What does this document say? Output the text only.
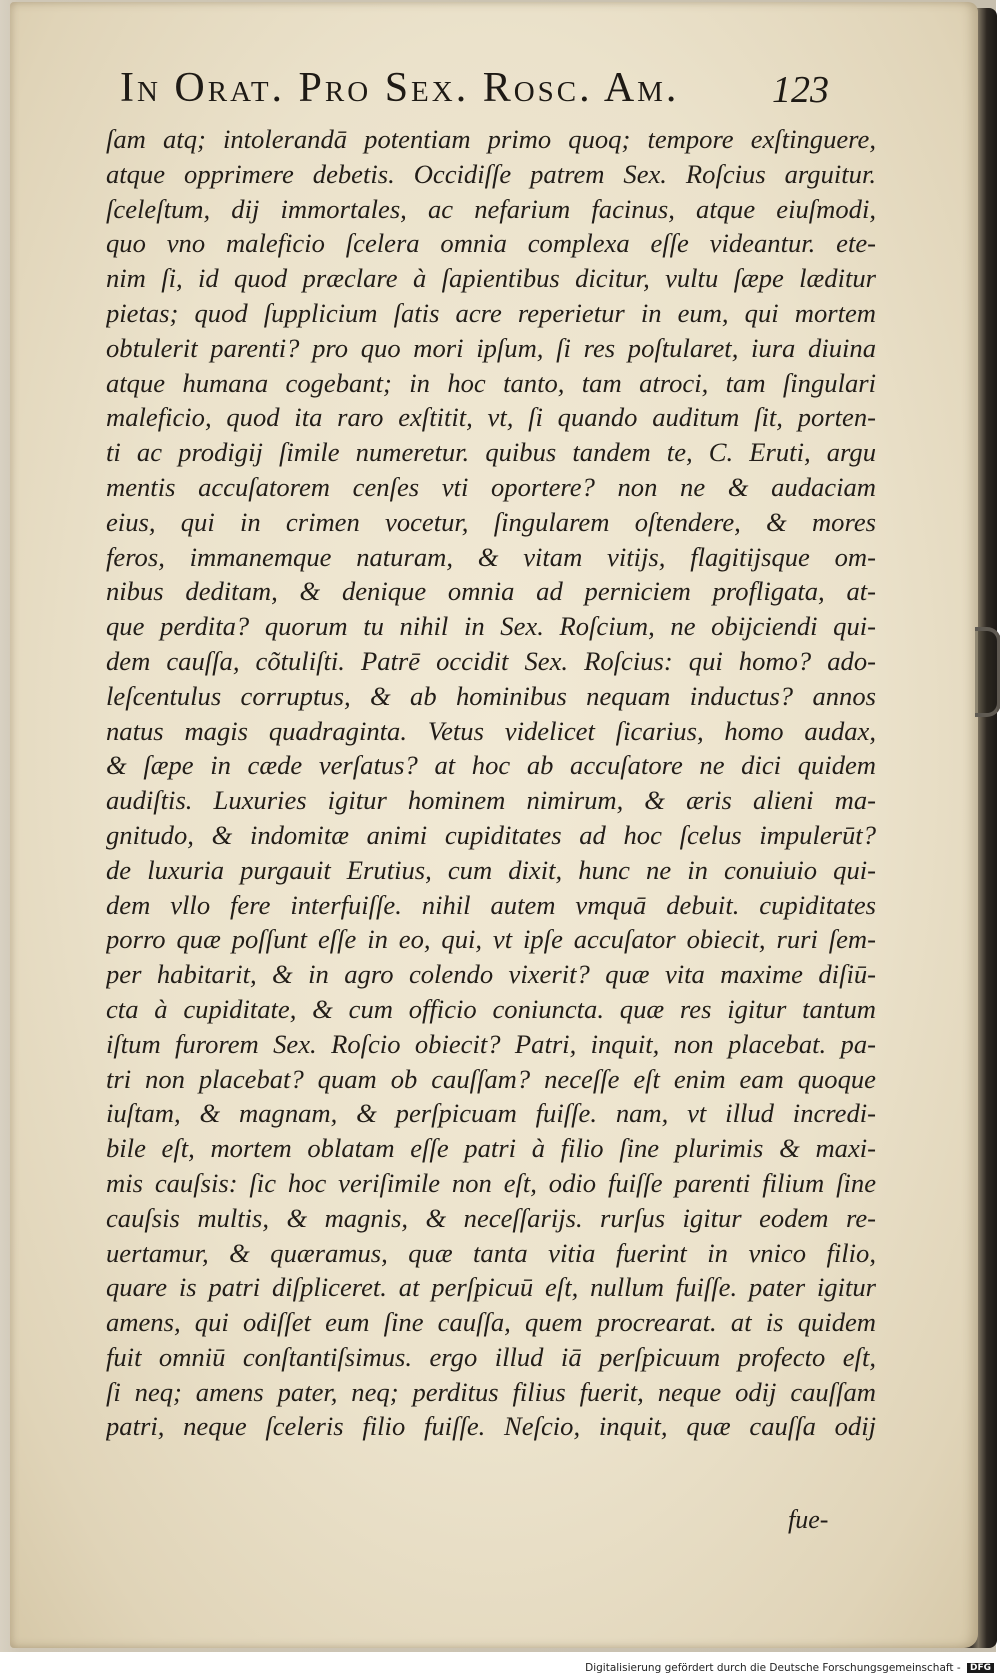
In Orat. Pro Sex. Rosc. Am.	123
ſam atq; intolerandā potentiam primo quoq; tempore exſtinguere,
atque opprimere debetis. Occidiſſe patrem Sex. Roſcius arguitur.
ſceleſtum, dij immortales, ac nefarium facinus, atque eiuſmodi,
quo vno maleficio ſcelera omnia complexa eſſe videantur. ete-
nim ſi, id quod præclare à ſapientibus dicitur, vultu ſæpe læditur
pietas; quod ſupplicium ſatis acre reperietur in eum, qui mortem
obtulerit parenti? pro quo mori ipſum, ſi res poſtularet, iura diuina
atque humana cogebant; in hoc tanto, tam atroci, tam ſingulari
maleficio, quod ita raro exſtitit, vt, ſi quando auditum ſit, porten-
ti ac prodigij ſimile numeretur. quibus tandem te, C. Eruti, argu
mentis accuſatorem cenſes vti oportere? non ne & audaciam
eius, qui in crimen vocetur, ſingularem oſtendere, & mores
feros, immanemque naturam, & vitam vitijs, flagitijsque om-
nibus deditam, & denique omnia ad perniciem profligata, at-
que perdita? quorum tu nihil in Sex. Roſcium, ne obijciendi qui-
dem cauſſa, cõtuliſti. Patrē occidit Sex. Roſcius: qui homo? ado-
leſcentulus corruptus, & ab hominibus nequam inductus? annos
natus magis quadraginta. Vetus videlicet ſicarius, homo audax,
& ſæpe in cæde verſatus? at hoc ab accuſatore ne dici quidem
audiſtis. Luxuries igitur hominem nimirum, & æris alieni ma-
gnitudo, & indomitæ animi cupiditates ad hoc ſcelus impulerūt?
de luxuria purgauit Erutius, cum dixit, hunc ne in conuiuio qui-
dem vllo fere interfuiſſe. nihil autem vmquā debuit. cupiditates
porro quæ poſſunt eſſe in eo, qui, vt ipſe accuſator obiecit, ruri ſem-
per habitarit, & in agro colendo vixerit? quæ vita maxime diſiū-
cta à cupiditate, & cum officio coniuncta. quæ res igitur tantum
iſtum furorem Sex. Roſcio obiecit? Patri, inquit, non placebat. pa-
tri non placebat? quam ob cauſſam? neceſſe eſt enim eam quoque
iuſtam, & magnam, & perſpicuam fuiſſe. nam, vt illud incredi-
bile eſt, mortem oblatam eſſe patri à filio ſine plurimis & maxi-
mis cauſsis: ſic hoc veriſimile non eſt, odio fuiſſe parenti filium ſine
cauſsis multis, & magnis, & neceſſarijs. rurſus igitur eodem re-
uertamur, & quæramus, quæ tanta vitia fuerint in vnico filio,
quare is patri diſpliceret. at perſpicuū eſt, nullum fuiſſe. pater igitur
amens, qui odiſſet eum ſine cauſſa, quem procrearat. at is quidem
fuit omniū conſtantiſsimus. ergo illud iā perſpicuum profecto eſt,
ſi neq; amens pater, neq; perditus filius fuerit, neque odij cauſſam
patri, neque ſceleris filio fuiſſe. Neſcio, inquit, quæ cauſſa odij
fue-
Digitalisierung gefördert durch die Deutsche Forschungsgemeinschaft - DFG
